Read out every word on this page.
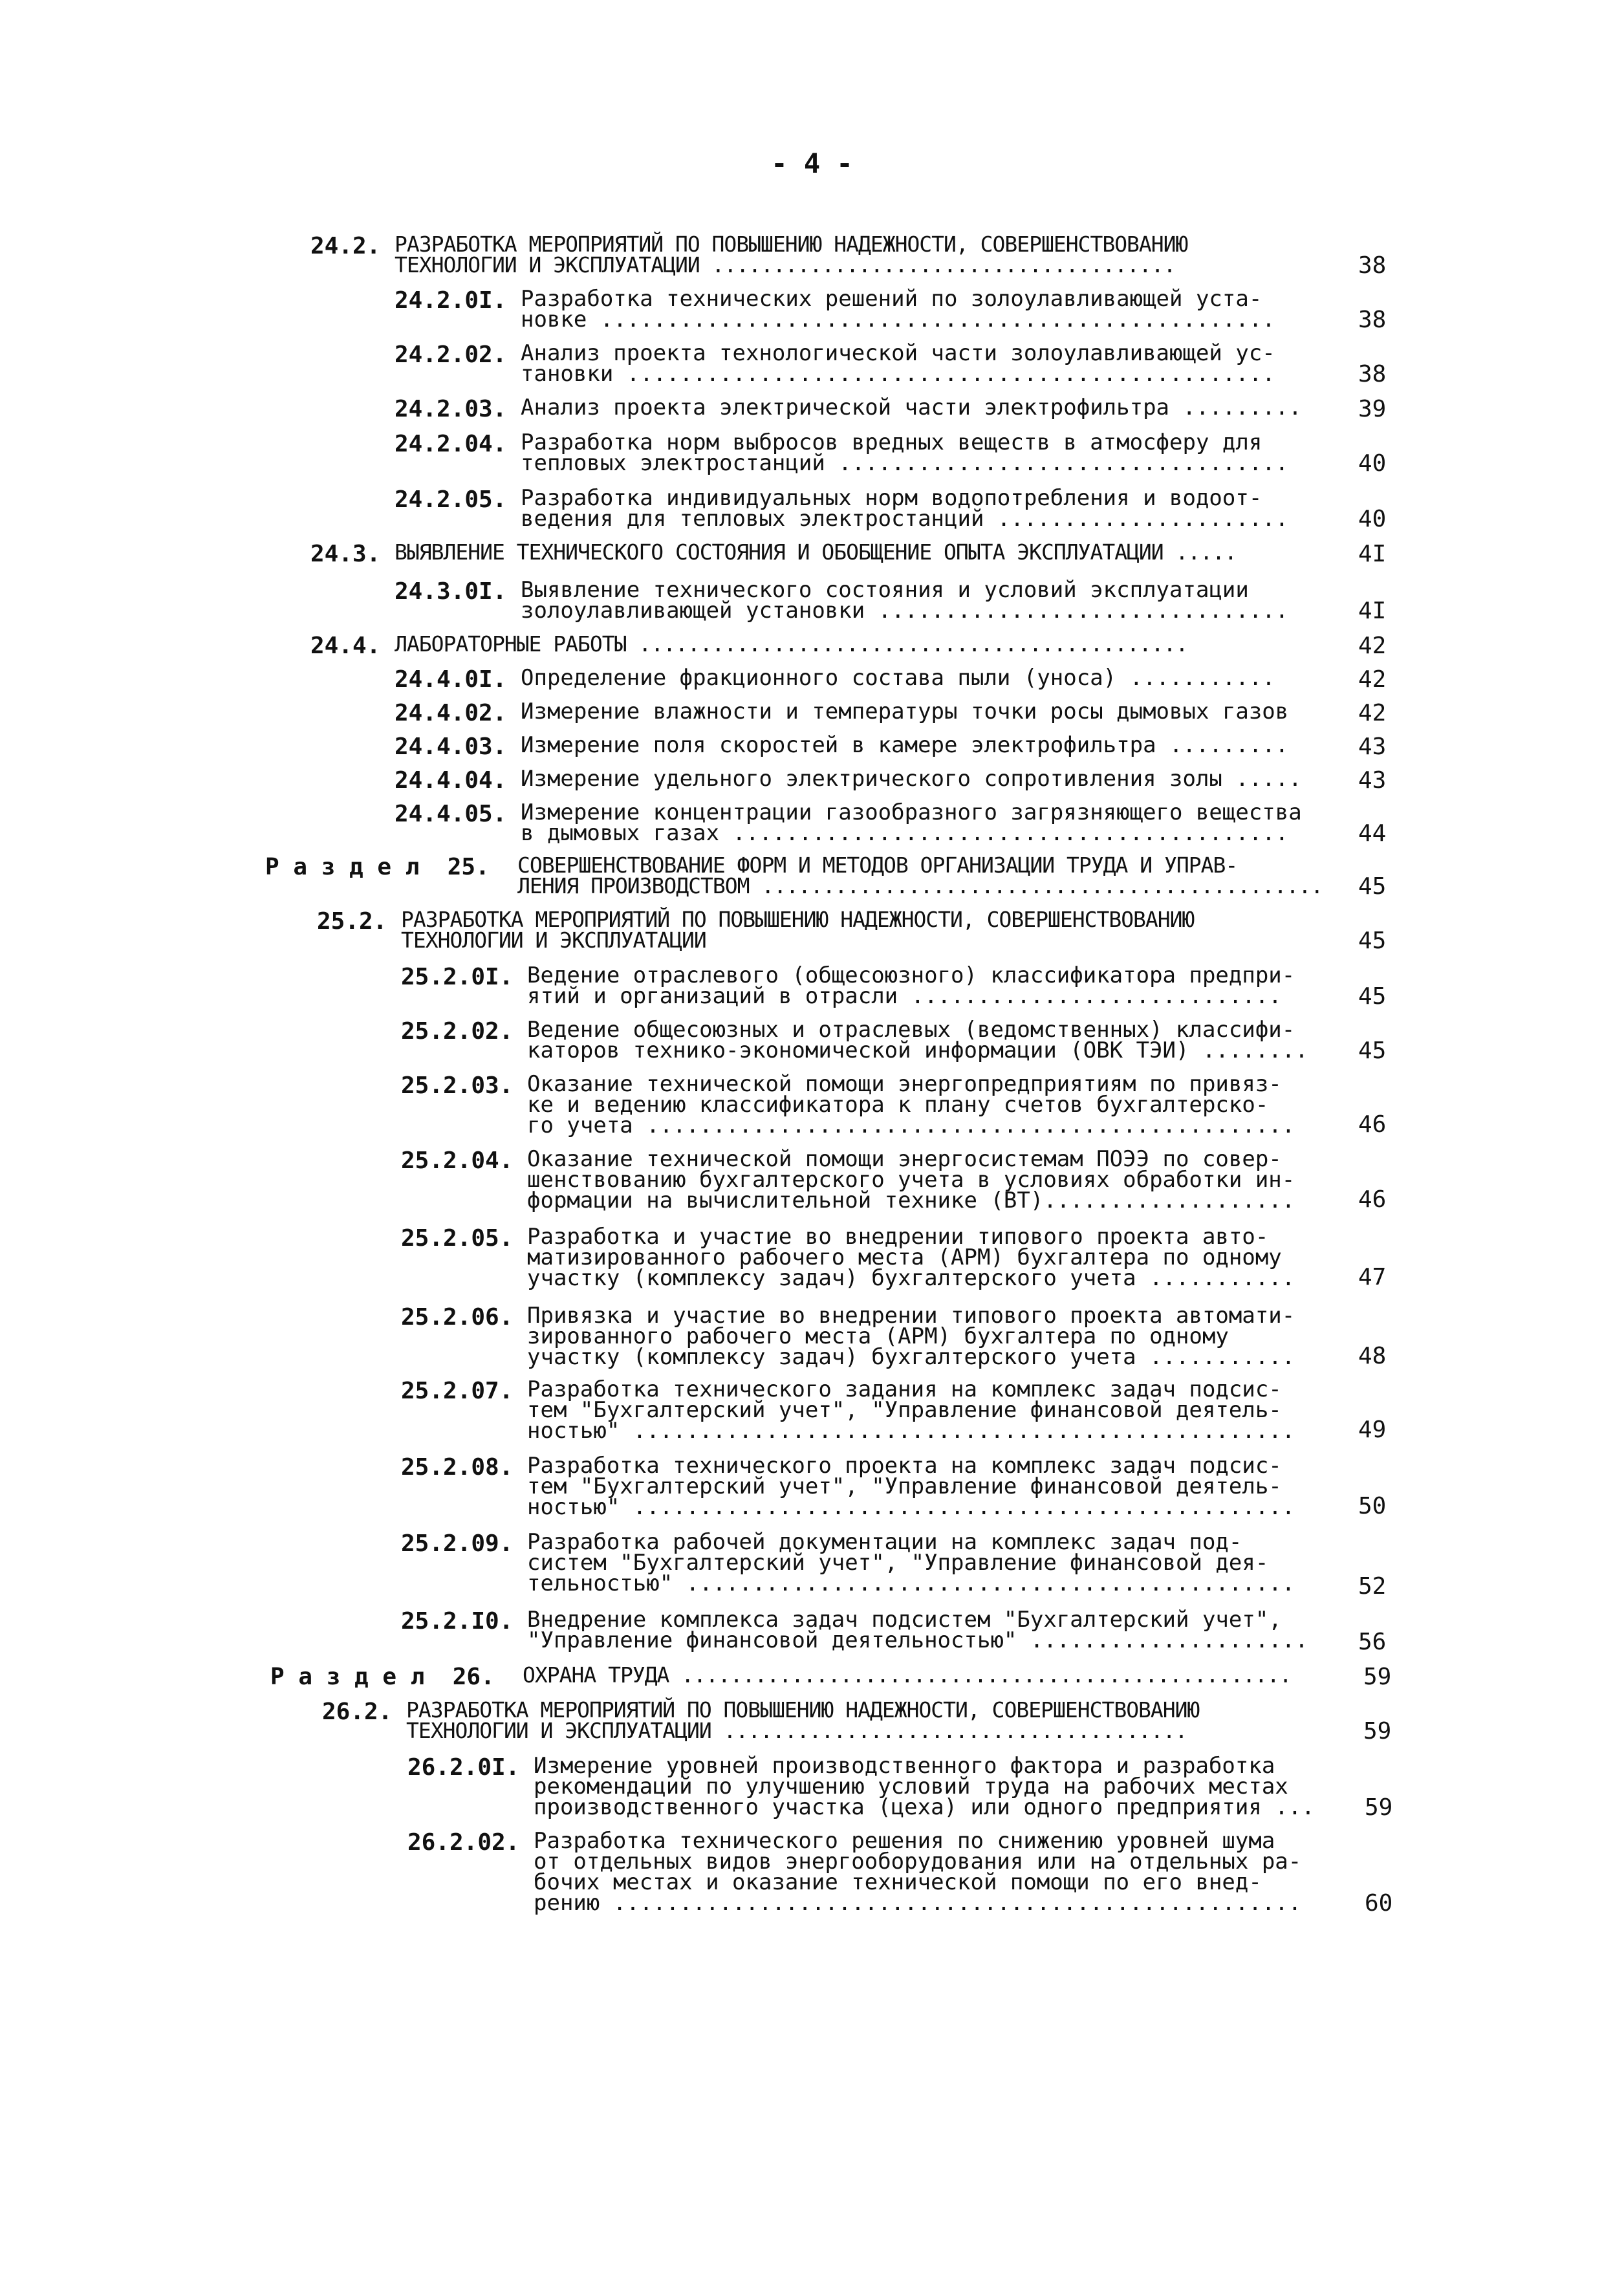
- 4 -
24.2. РАЗРАБОТКА МЕРОПРИЯТИЙ ПО ПОВЫШЕНИЮ НАДЕЖНОСТИ, СОВЕРШЕНСТВОВАНИЮ
ТЕХНОЛОГИИ И ЭКСПЛУАТАЦИИ ......................................	38
24.2.0I. Разработка технических решений по золоулавливающей уста-
новке ...................................................	38
24.2.02. Анализ проекта технологической части золоулавливающей ус-
тановки .................................................	38
24.2.03. Анализ проекта электрической части электрофильтра ......... 39
24.2.04. Разработка норм выбросов вредных веществ в атмосферу для
тепловых электростанций ..................................	40
24.2.05. Разработка индивидуальных норм водопотребления и водоот-
ведения для тепловых электростанций ......................	40
24.3. ВЫЯВЛЕНИЕ ТЕХНИЧЕСКОГО СОСТОЯНИЯ И ОБОБЩЕНИЕ ОПЫТА ЭКСПЛУАТАЦИИ .....	4I
24.3.0I. Выявление технического состояния и условий эксплуатации
золоулавливающей установки ...............................	4I
24.4. ЛАБОРАТОРНЫЕ РАБОТЫ .............................................	42
24.4.0I. Определение фракционного состава пыли (уноса) ...........	42
24.4.02. Измерение влажности и температуры точки росы дымовых газов	42
24.4.03. Измерение поля скоростей в камере электрофильтра .........	43
24.4.04. Измерение удельного электрического сопротивления золы ..... 43
24.4.05. Измерение концентрации газообразного загрязняющего вещества
в дымовых газах ..........................................	44
Р а з д е л  25. СОВЕРШЕНСТВОВАНИЕ ФОРМ И МЕТОДОВ ОРГАНИЗАЦИИ ТРУДА И УПРАВ-
ЛЕНИЯ ПРОИЗВОДСТВОМ .............................................. 45
25.2. РАЗРАБОТКА МЕРОПРИЯТИЙ ПО ПОВЫШЕНИЮ НАДЕЖНОСТИ, СОВЕРШЕНСТВОВАНИЮ
ТЕХНОЛОГИИ И ЭКСПЛУАТАЦИИ	45
25.2.0I. Ведение отраслевого (общесоюзного) классификатора предпри-
ятий и организаций в отрасли ............................	45
25.2.02. Ведение общесоюзных и отраслевых (ведомственных) классифи-
каторов технико-экономической информации (ОВК ТЭИ) ........ 45
25.2.03. Оказание технической помощи энергопредприятиям по привяз-
ке и ведению классификатора к плану счетов бухгалтерско-
го учета .................................................	46
25.2.04. Оказание технической помощи энергосистемам ПОЭЭ по совер-
шенствованию бухгалтерского учета в условиях обработки ин-
формации на вычислительной технике (ВТ)...................	46
25.2.05. Разработка и участие во внедрении типового проекта авто-
матизированного рабочего места (АРМ) бухгалтера по одному
участку (комплексу задач) бухгалтерского учета ...........	47
25.2.06. Привязка и участие во внедрении типового проекта автомати-
зированного рабочего места (АРМ) бухгалтера по одному
участку (комплексу задач) бухгалтерского учета ...........	48
25.2.07. Разработка технического задания на комплекс задач подсис-
тем "Бухгалтерский учет", "Управление финансовой деятель-
ностью" ..................................................	49
25.2.08. Разработка технического проекта на комплекс задач подсис-
тем "Бухгалтерский учет", "Управление финансовой деятель-
ностью" ..................................................	50
25.2.09. Разработка рабочей документации на комплекс задач под-
систем "Бухгалтерский учет", "Управление финансовой дея-
тельностью" ..............................................	52
25.2.I0. Внедрение комплекса задач подсистем "Бухгалтерский учет",
"Управление финансовой деятельностью" ..................... 56
Р а з д е л  26. ОХРАНА ТРУДА ..................................................	59
26.2. РАЗРАБОТКА МЕРОПРИЯТИЙ ПО ПОВЫШЕНИЮ НАДЕЖНОСТИ, СОВЕРШЕНСТВОВАНИЮ
ТЕХНОЛОГИИ И ЭКСПЛУАТАЦИИ ......................................	59
26.2.0I. Измерение уровней производственного фактора и разработка
рекомендаций по улучшению условий труда на рабочих местах
производственного участка (цеха) или одного предприятия ... 59
26.2.02. Разработка технического решения по снижению уровней шума
от отдельных видов энергооборудования или на отдельных ра-
бочих местах и оказание технической помощи по его внед-
рению ....................................................	60
